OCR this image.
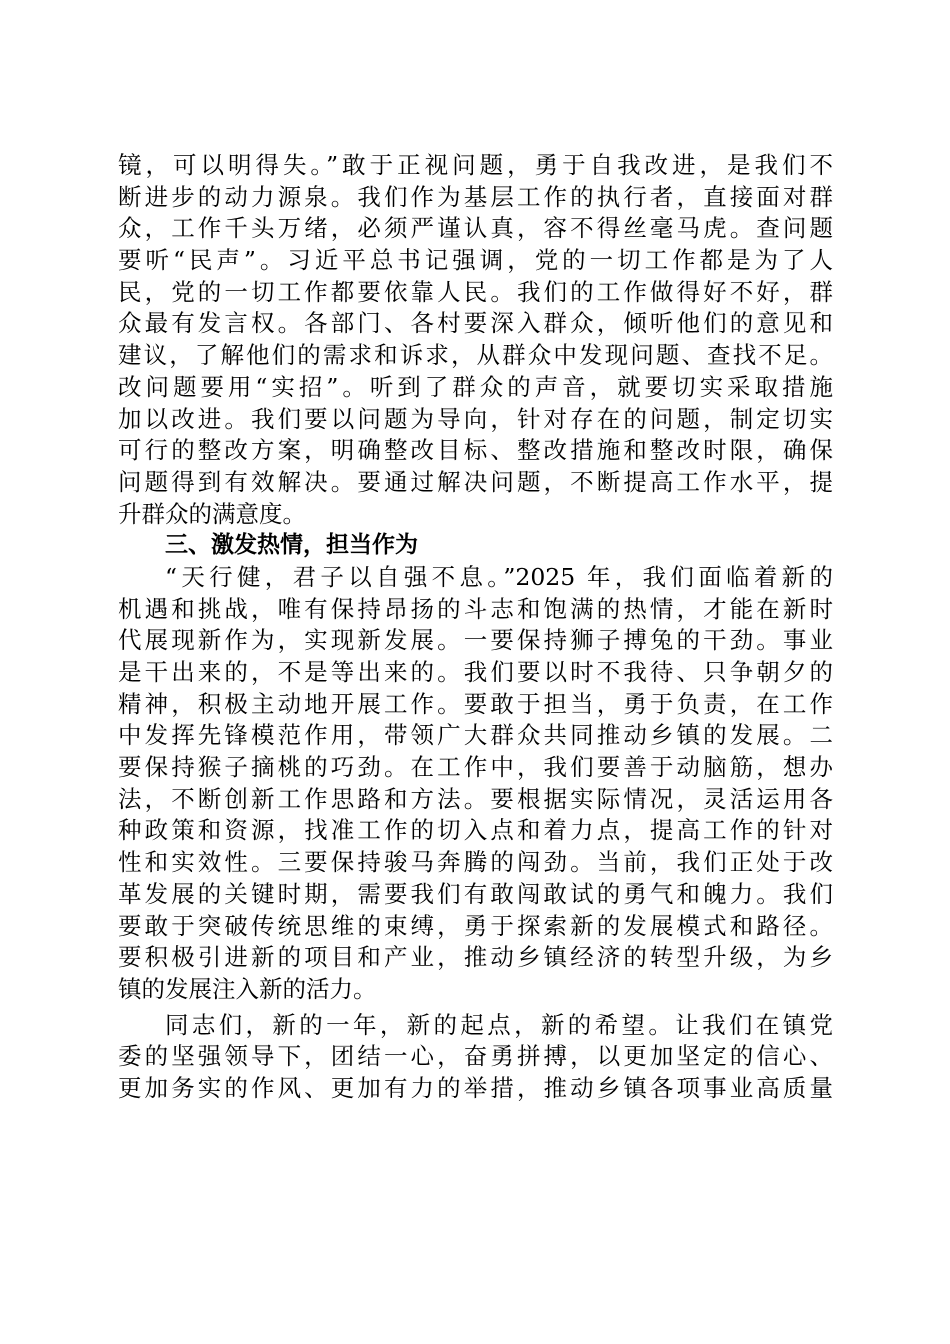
镜，可以明得失。”敢于正视问题，勇于自我改进，是我们不
断进步的动力源泉。我们作为基层工作的执行者，直接面对群
众，工作千头万绪，必须严谨认真，容不得丝毫马虎。查问题
要听“民声”。习近平总书记强调，党的一切工作都是为了人
民，党的一切工作都要依靠人民。我们的工作做得好不好，群
众最有发言权。各部门、各村要深入群众，倾听他们的意见和
建议，了解他们的需求和诉求，从群众中发现问题、查找不足。
改问题要用“实招”。听到了群众的声音，就要切实采取措施
加以改进。我们要以问题为导向，针对存在的问题，制定切实
可行的整改方案，明确整改目标、整改措施和整改时限，确保
问题得到有效解决。要通过解决问题，不断提高工作水平，提
升群众的满意度。
三、激发热情，担当作为
“天行健，君子以自强不息。”2025 年，我们面临着新的
机遇和挑战，唯有保持昂扬的斗志和饱满的热情，才能在新时
代展现新作为，实现新发展。一要保持狮子搏兔的干劲。事业
是干出来的，不是等出来的。我们要以时不我待、只争朝夕的
精神，积极主动地开展工作。要敢于担当，勇于负责，在工作
中发挥先锋模范作用，带领广大群众共同推动乡镇的发展。二
要保持猴子摘桃的巧劲。在工作中，我们要善于动脑筋，想办
法，不断创新工作思路和方法。要根据实际情况，灵活运用各
种政策和资源，找准工作的切入点和着力点，提高工作的针对
性和实效性。三要保持骏马奔腾的闯劲。当前，我们正处于改
革发展的关键时期，需要我们有敢闯敢试的勇气和魄力。我们
要敢于突破传统思维的束缚，勇于探索新的发展模式和路径。
要积极引进新的项目和产业，推动乡镇经济的转型升级，为乡
镇的发展注入新的活力。
同志们，新的一年，新的起点，新的希望。让我们在镇党
委的坚强领导下，团结一心，奋勇拼搏，以更加坚定的信心、
更加务实的作风、更加有力的举措，推动乡镇各项事业高质量
